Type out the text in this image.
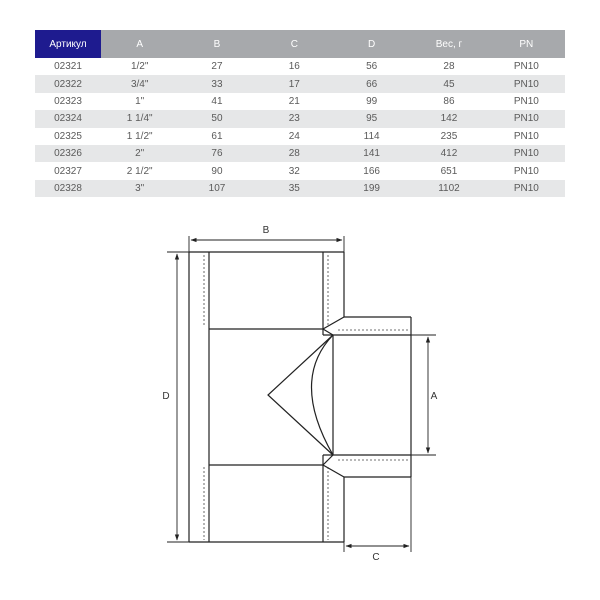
Артикул	A	B	C	D	Вес, г	PN
02321	1/2"	27	16	56	28	PN10
02322	3/4"	33	17	66	45	PN10
02323	1"	41	21	99	86	PN10
02324	1 1/4"	50	23	95	142	PN10
02325	1 1/2"	61	24	114	235	PN10
02326	2"	76	28	141	412	PN10
02327	2 1/2"	90	32	166	651	PN10
02328	3"	107	35	199	1102	PN10
B
D	A
C
